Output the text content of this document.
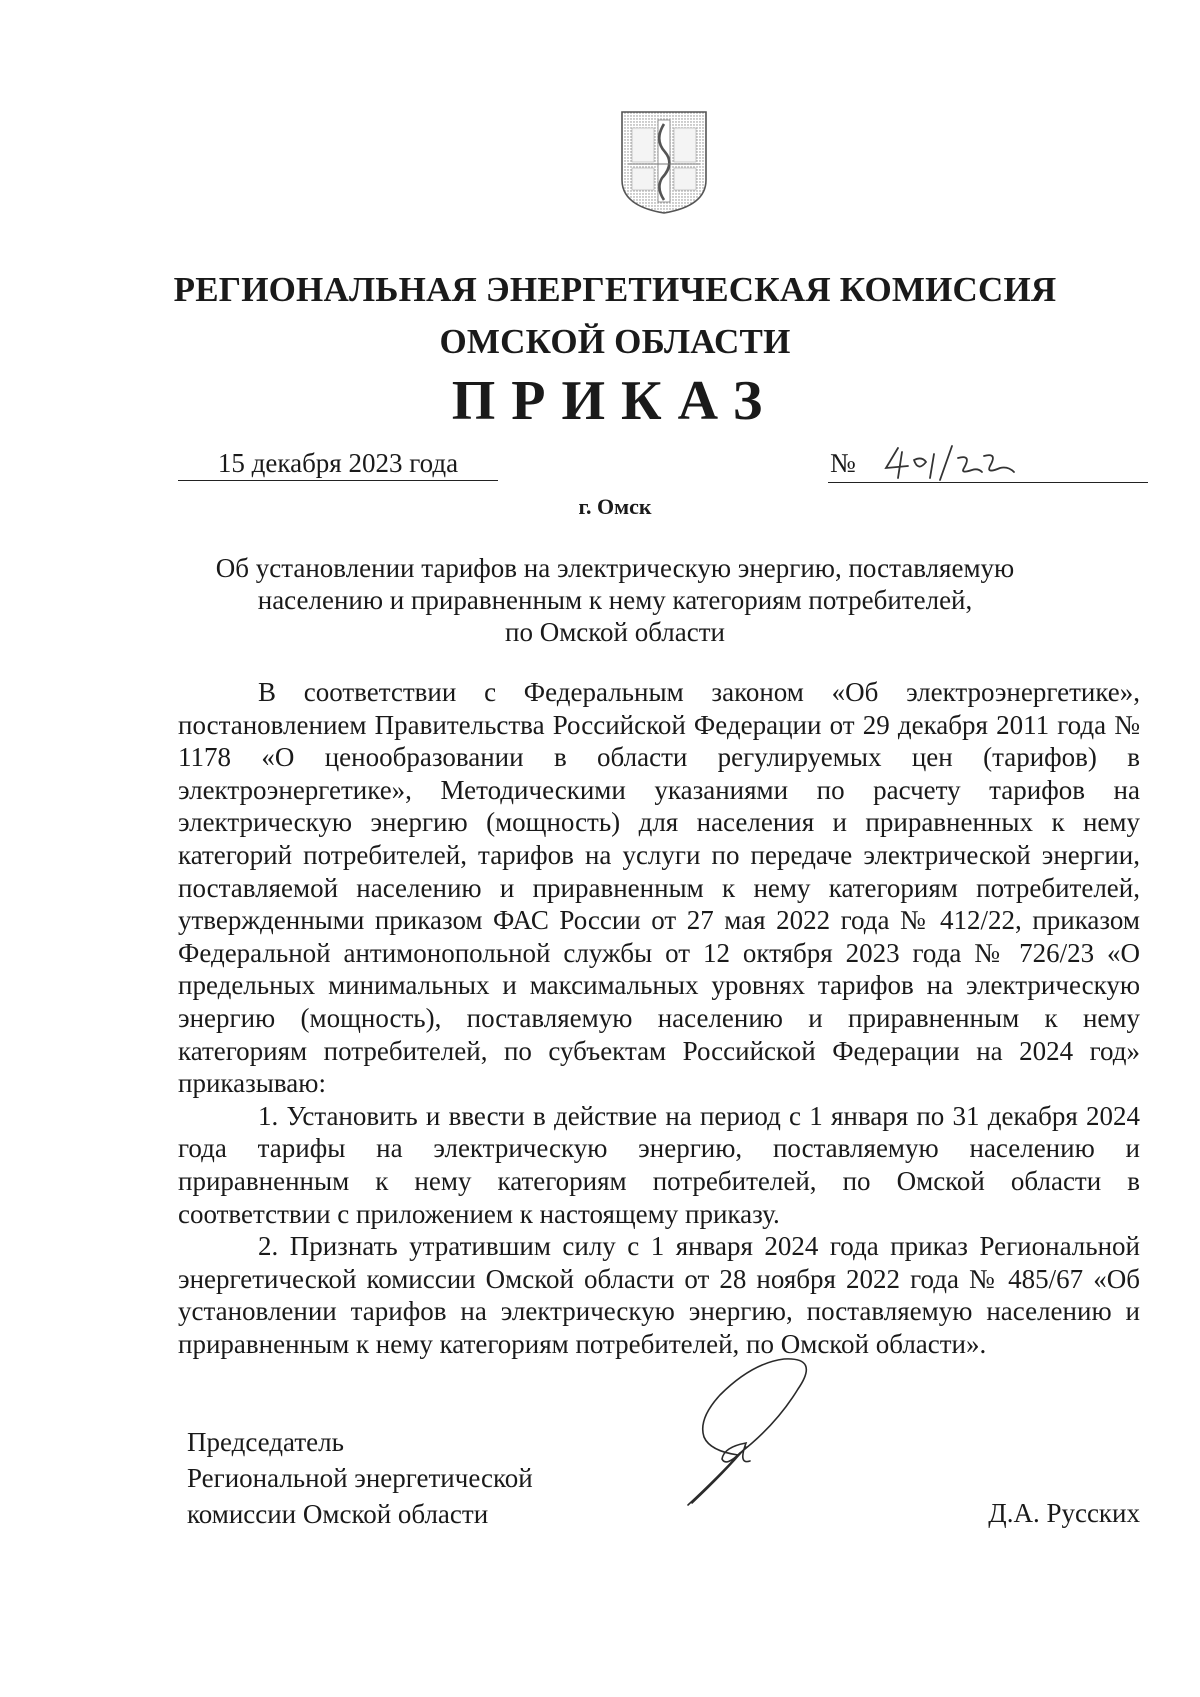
РЕГИОНАЛЬНАЯ ЭНЕРГЕТИЧЕСКАЯ КОМИССИЯ
ОМСКОЙ ОБЛАСТИ
ПРИКАЗ
15 декабря 2023 года	№
г. Омск
Об установлении тарифов на электрическую энергию, поставляемую
населению и приравненным к нему категориям потребителей,
по Омской области

В соответствии с Федеральным законом «Об электроэнергетике», постановлением Правительства Российской Федерации от 29 декабря 2011 года № 1178 «О ценообразовании в области регулируемых цен (тарифов) в электроэнергетике», Методическими указаниями по расчету тарифов на электрическую энергию (мощность) для населения и приравненных к нему категорий потребителей, тарифов на услуги по передаче электрической энергии, поставляемой населению и приравненным к нему категориям потребителей, утвержденными приказом ФАС России от 27 мая 2022 года № 412/22, приказом Федеральной антимонопольной службы от 12 октября 2023 года № 726/23 «О предельных минимальных и максимальных уровнях тарифов на электрическую энергию (мощность), поставляемую населению и приравненным к нему категориям потребителей, по субъектам Российской Федерации на 2024 год» приказываю:

1. Установить и ввести в действие на период с 1 января по 31 декабря 2024 года тарифы на электрическую энергию, поставляемую населению и приравненным к нему категориям потребителей, по Омской области в соответствии с приложением к настоящему приказу.

2. Признать утратившим силу с 1 января 2024 года приказ Региональной энергетической комиссии Омской области от 28 ноября 2022 года № 485/67 «Об установлении тарифов на электрическую энергию, поставляемую населению и приравненным к нему категориям потребителей, по Омской области».

Председатель
Региональной энергетической
комиссии Омской области	Д.А. Русских
